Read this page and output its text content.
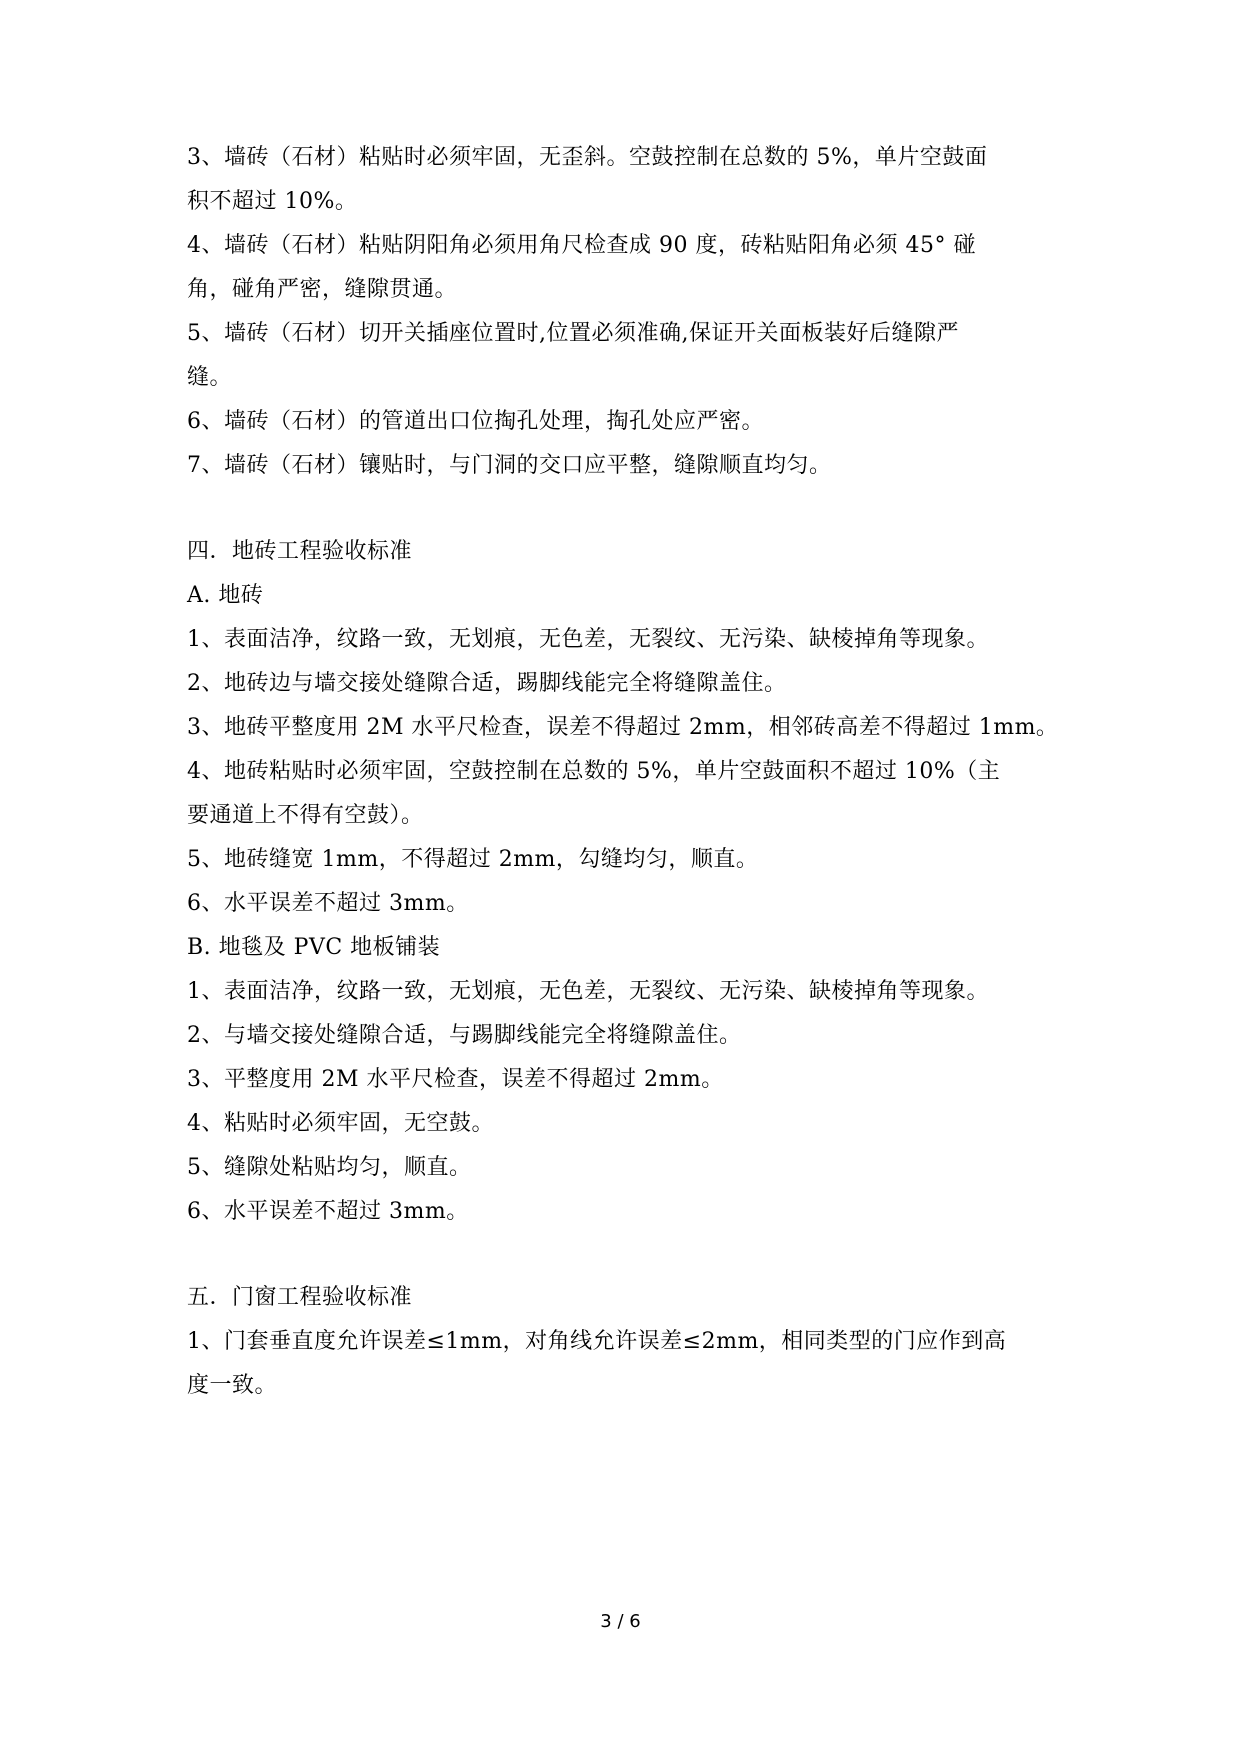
3、墙砖（石材）粘贴时必须牢固，无歪斜。空鼓控制在总数的 5%，单片空鼓面
积不超过 10%。
4、墙砖（石材）粘贴阴阳角必须用角尺检查成 90 度，砖粘贴阳角必须 45° 碰
角，碰角严密，缝隙贯通。
5、墙砖（石材）切开关插座位置时,位置必须准确,保证开关面板装好后缝隙严
缝。
6、墙砖（石材）的管道出口位掏孔处理，掏孔处应严密。
7、墙砖（石材）镶贴时，与门洞的交口应平整，缝隙顺直均匀。
四．地砖工程验收标准
A. 地砖
1、表面洁净，纹路一致，无划痕，无色差，无裂纹、无污染、缺棱掉角等现象。
2、地砖边与墙交接处缝隙合适，踢脚线能完全将缝隙盖住。
3、地砖平整度用 2M 水平尺检查，误差不得超过 2mm，相邻砖高差不得超过 1mm。
4、地砖粘贴时必须牢固，空鼓控制在总数的 5%，单片空鼓面积不超过 10%（主
要通道上不得有空鼓）。
5、地砖缝宽 1mm，不得超过 2mm，勾缝均匀，顺直。
6、水平误差不超过 3mm。
B. 地毯及 PVC 地板铺装
1、表面洁净，纹路一致，无划痕，无色差，无裂纹、无污染、缺棱掉角等现象。
2、与墙交接处缝隙合适，与踢脚线能完全将缝隙盖住。
3、平整度用 2M 水平尺检查，误差不得超过 2mm。
4、粘贴时必须牢固，无空鼓。
5、缝隙处粘贴均匀，顺直。
6、水平误差不超过 3mm。
五．门窗工程验收标准
1、门套垂直度允许误差≤1mm，对角线允许误差≤2mm，相同类型的门应作到高
度一致。
3 / 6
